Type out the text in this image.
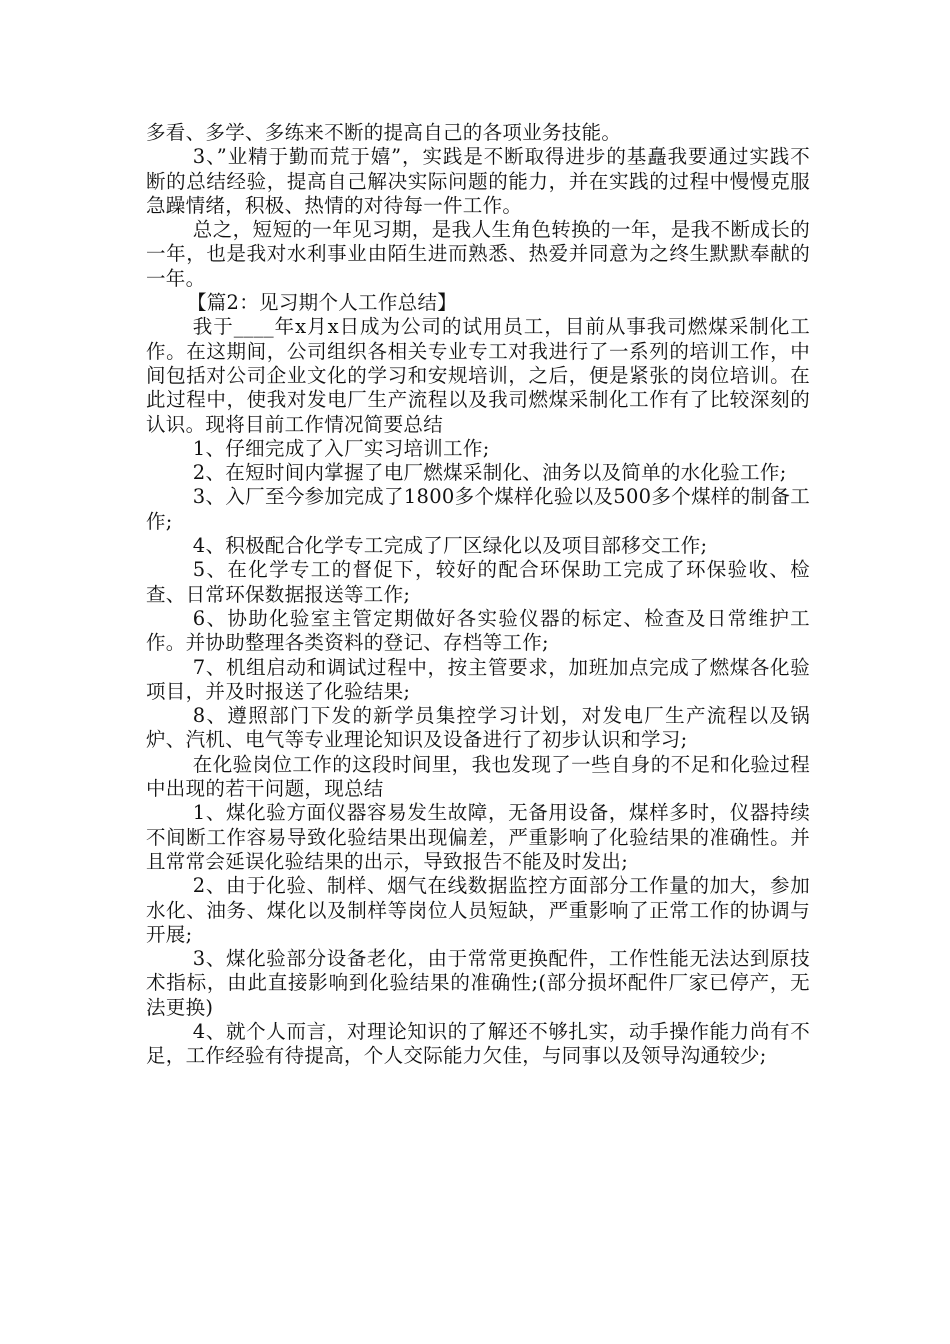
多看、多学、多练来不断的提高自己的各项业务技能。

3、”业精于勤而荒于嬉”，实践是不断取得进步的基矗我要通过实践不断的总结经验，提高自己解决实际问题的能力，并在实践的过程中慢慢克服急躁情绪，积极、热情的对待每一件工作。

总之，短短的一年见习期，是我人生角色转换的一年，是我不断成长的一年，也是我对水利事业由陌生进而熟悉、热爱并同意为之终生默默奉献的一年。

【篇2：见习期个人工作总结】

我于____年x月x日成为公司的试用员工，目前从事我司燃煤采制化工作。在这期间，公司组织各相关专业专工对我进行了一系列的培训工作，中间包括对公司企业文化的学习和安规培训，之后，便是紧张的岗位培训。在此过程中，使我对发电厂生产流程以及我司燃煤采制化工作有了比较深刻的认识。现将目前工作情况简要总结

1、仔细完成了入厂实习培训工作;

2、在短时间内掌握了电厂燃煤采制化、油务以及简单的水化验工作;

3、入厂至今参加完成了1800多个煤样化验以及500多个煤样的制备工作;

4、积极配合化学专工完成了厂区绿化以及项目部移交工作;

5、在化学专工的督促下，较好的配合环保助工完成了环保验收、检查、日常环保数据报送等工作;

6、协助化验室主管定期做好各实验仪器的标定、检查及日常维护工作。并协助整理各类资料的登记、存档等工作;

7、机组启动和调试过程中，按主管要求，加班加点完成了燃煤各化验项目，并及时报送了化验结果;

8、遵照部门下发的新学员集控学习计划，对发电厂生产流程以及锅炉、汽机、电气等专业理论知识及设备进行了初步认识和学习;

在化验岗位工作的这段时间里，我也发现了一些自身的不足和化验过程中出现的若干问题，现总结

1、煤化验方面仪器容易发生故障，无备用设备，煤样多时，仪器持续不间断工作容易导致化验结果出现偏差，严重影响了化验结果的准确性。并且常常会延误化验结果的出示，导致报告不能及时发出;

2、由于化验、制样、烟气在线数据监控方面部分工作量的加大，参加水化、油务、煤化以及制样等岗位人员短缺，严重影响了正常工作的协调与开展;

3、煤化验部分设备老化，由于常常更换配件，工作性能无法达到原技术指标，由此直接影响到化验结果的准确性;(部分损坏配件厂家已停产，无法更换)

4、就个人而言，对理论知识的了解还不够扎实，动手操作能力尚有不足，工作经验有待提高，个人交际能力欠佳，与同事以及领导沟通较少;
